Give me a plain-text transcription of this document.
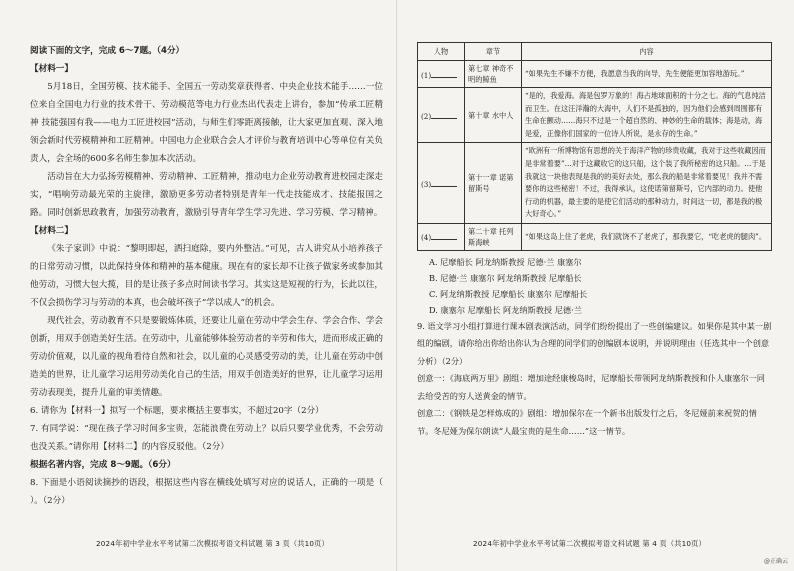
阅读下面的文字，完成 6～7题。（4分）

【材料一】

5月18日，全国劳模、技术能手、全国五一劳动奖章获得者、中央企业技术能手……一位位来自全国电力行业的技术骨干、劳动模范等电力行业杰出代表走上讲台，参加“传承工匠精神 技能强国有我——电力工匠进校园”活动，与师生们零距离接触，让大家更加直观、深入地领会新时代劳模精神和工匠精神。中国电力企业联合会人才评价与教育培训中心等单位有关负责人，会全场的600多名师生参加本次活动。

活动旨在大力弘扬劳模精神、劳动精神、工匠精神，推动电力企业劳动教育进校园走深走实，“唱响劳动最光荣的主旋律，激励更多劳动者特别是青年一代走技能成才、技能报国之路。同时创新思政教育，加强劳动教育，激励引导青年学生学习先进、学习劳模、学习精神。

【材料二】

《朱子家训》中说：“黎明即起，洒扫庭除，要内外整洁。”可见，古人讲究从小培养孩子的日常劳动习惯，以此保持身体和精神的基本健康。现在有的家长却不让孩子做家务或参加其他劳动，习惯大包大揽，目的是让孩子多点时间读书学习。其实这是短视的行为，长此以往，不仅会损伤学习与劳动的本真，也会破坏孩子“学以成人”的机会。

现代社会，劳动教育不只是要锻炼体质，还要让儿童在劳动中学会生存、学会合作、学会创新，用双手创造美好生活。在劳动中，儿童能够体验劳动者的辛劳和伟大，进而形成正确的劳动价值观，以儿童的视角看待自然和社会，以儿童的心灵感受劳动的美，让儿童在劳动中创造美的世界，让儿童学习运用劳动美化自己的生活，用双手创造美好的世界，让儿童学习运用劳动表现美，提升儿童的审美情趣。

6. 请你为【材料一】拟写一个标题，要求概括主要事实，不超过20字（2分）

7. 有同学说：“现在孩子学习时间多宝贵，怎能浪费在劳动上？以后只要学业优秀，不会劳动也没关系。”请你用【材料二】的内容反驳他。（2分）

根据名著内容，完成 8～9题。（6分）

8. 下面是小语阅读摘抄的语段，根据这些内容在横线处填写对应的说话人，正确的一项是（ ）。（2分）

2024年初中学业水平考试第二次模拟考语文科试题 第 3 页（共10页）
人物	章节	内容
(1)	第七章 神奇不明的鲸鱼	“如果先生不嫌不方便，我愿意当我的向导，先生便能更加容地游玩。”
(2)	第十章 水中人	“是的，我爱海。海是包罗万象的！海占地球面积的十分之七。海的气息纯洁而卫生。在这汪洋瀚的大海中，人们不是孤独的，因为他们会感到周围都有生命在颤动……海只不过是一个超自然的、神妙的生命的载体；海是动，海是爱，正像你们国家的一位诗人所说，是永存的生命。”
(3)	第十一章 诺第留斯号	“欧洲有一所博物馆有思想的关于海洋产物的珍贵收藏，我对于这些收藏因而是非常着要”…对于这藏收它的这只船，这个装了我所秘密的这只船。…于是我就这一块他表现是我的的美好去处，那么我的船是非常着要见！我并不需要你的这些秘密！不过，我得承认，这使诺第留斯号，它内部的动力。使他行动的机器，最主要的是使它们活动的那种动力，时间这一切，都是我的极大好奇心。”
(4)	第二十章 托列斯海峡	“如果这岛上住了老虎，我们就饶不了老虎了，那我要它，“吃老虎的腿肉”。

A. 尼摩船长 阿龙纳斯教授 尼德·兰 康塞尔

B. 尼德·兰 康塞尔 阿龙纳斯教授 尼摩船长

C. 阿龙纳斯教授 尼摩船长 康塞尔 尼摩船长

D. 康塞尔 尼摩船长 阿龙纳斯教授 尼德·兰

9. 语文学习小组打算进行课本剧表演活动，同学们纷纷提出了一些创编建议。如果你是其中某一剧组的编剧，请你给出你给出你认为合理的同学们的创编剧本说明，并说明理由（任选其中一个创意分析）（2分）

创意一：《海底两万里》剧组：增加途经康梭岛时，尼摩船长带领阿龙纳斯教授和仆人康塞尔一同去给受苦的穷人送黄金的情节。

创意二：《钢铁是怎样炼成的》剧组：增加保尔在一个新书出版发行之后，冬尼娅前来祝贺的情节。冬尼娅为保尔朗读“人最宝贵的是生命……”这一情节。

2024年初中学业水平考试第二次模拟考语文科试题 第 4 页（共10页）
@正确云
